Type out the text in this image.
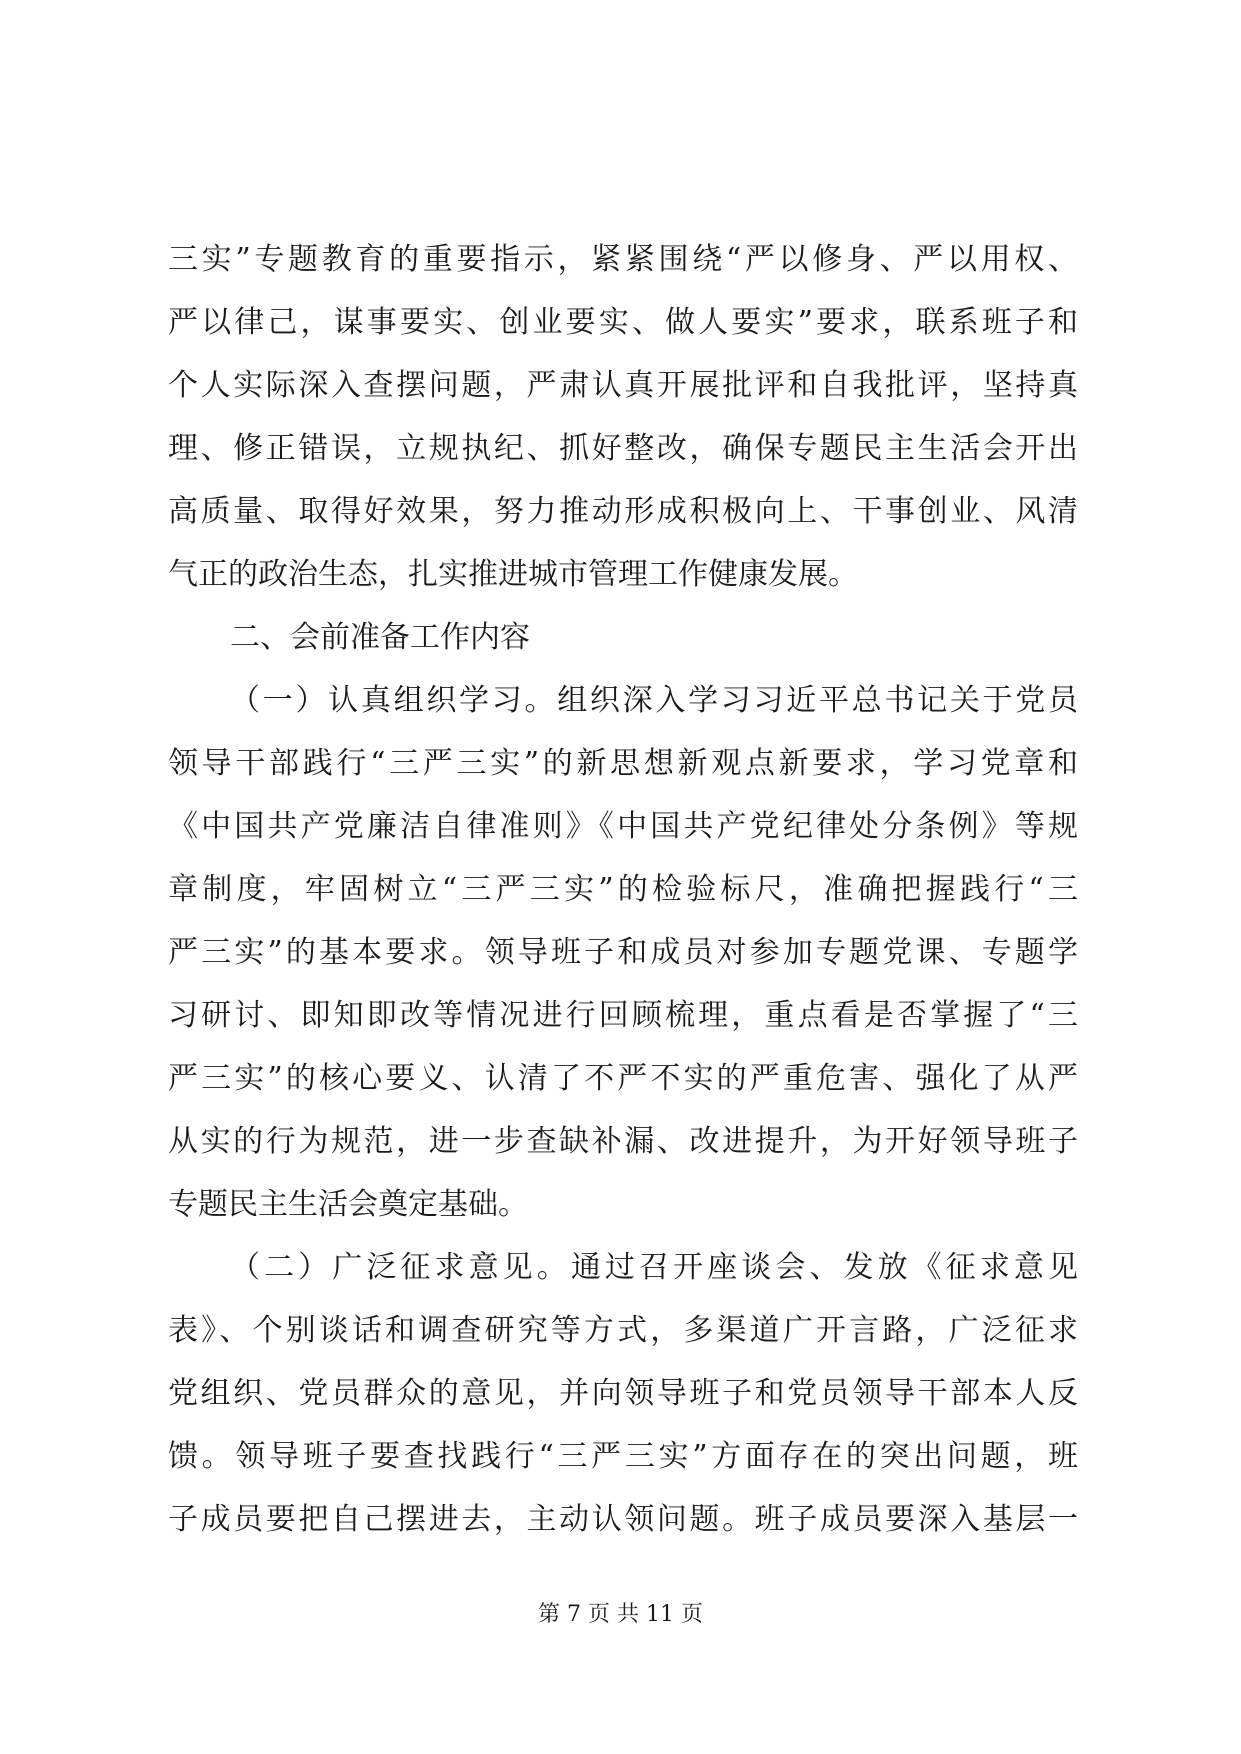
三实”专题教育的重要指示，紧紧围绕“严以修身、严以用权、
严以律己，谋事要实、创业要实、做人要实”要求，联系班子和
个人实际深入查摆问题，严肃认真开展批评和自我批评，坚持真
理、修正错误，立规执纪、抓好整改，确保专题民主生活会开出
高质量、取得好效果，努力推动形成积极向上、干事创业、风清
气正的政治生态，扎实推进城市管理工作健康发展。
二、会前准备工作内容
（一）认真组织学习。组织深入学习习近平总书记关于党员
领导干部践行“三严三实”的新思想新观点新要求，学习党章和
《中国共产党廉洁自律准则》《中国共产党纪律处分条例》等规
章制度，牢固树立“三严三实”的检验标尺，准确把握践行“三
严三实”的基本要求。领导班子和成员对参加专题党课、专题学
习研讨、即知即改等情况进行回顾梳理，重点看是否掌握了“三
严三实”的核心要义、认清了不严不实的严重危害、强化了从严
从实的行为规范，进一步查缺补漏、改进提升，为开好领导班子
专题民主生活会奠定基础。
（二）广泛征求意见。通过召开座谈会、发放《征求意见
表》、个别谈话和调查研究等方式，多渠道广开言路，广泛征求
党组织、党员群众的意见，并向领导班子和党员领导干部本人反
馈。领导班子要查找践行“三严三实”方面存在的突出问题，班
子成员要把自己摆进去，主动认领问题。班子成员要深入基层一
第 7 页 共 11 页
